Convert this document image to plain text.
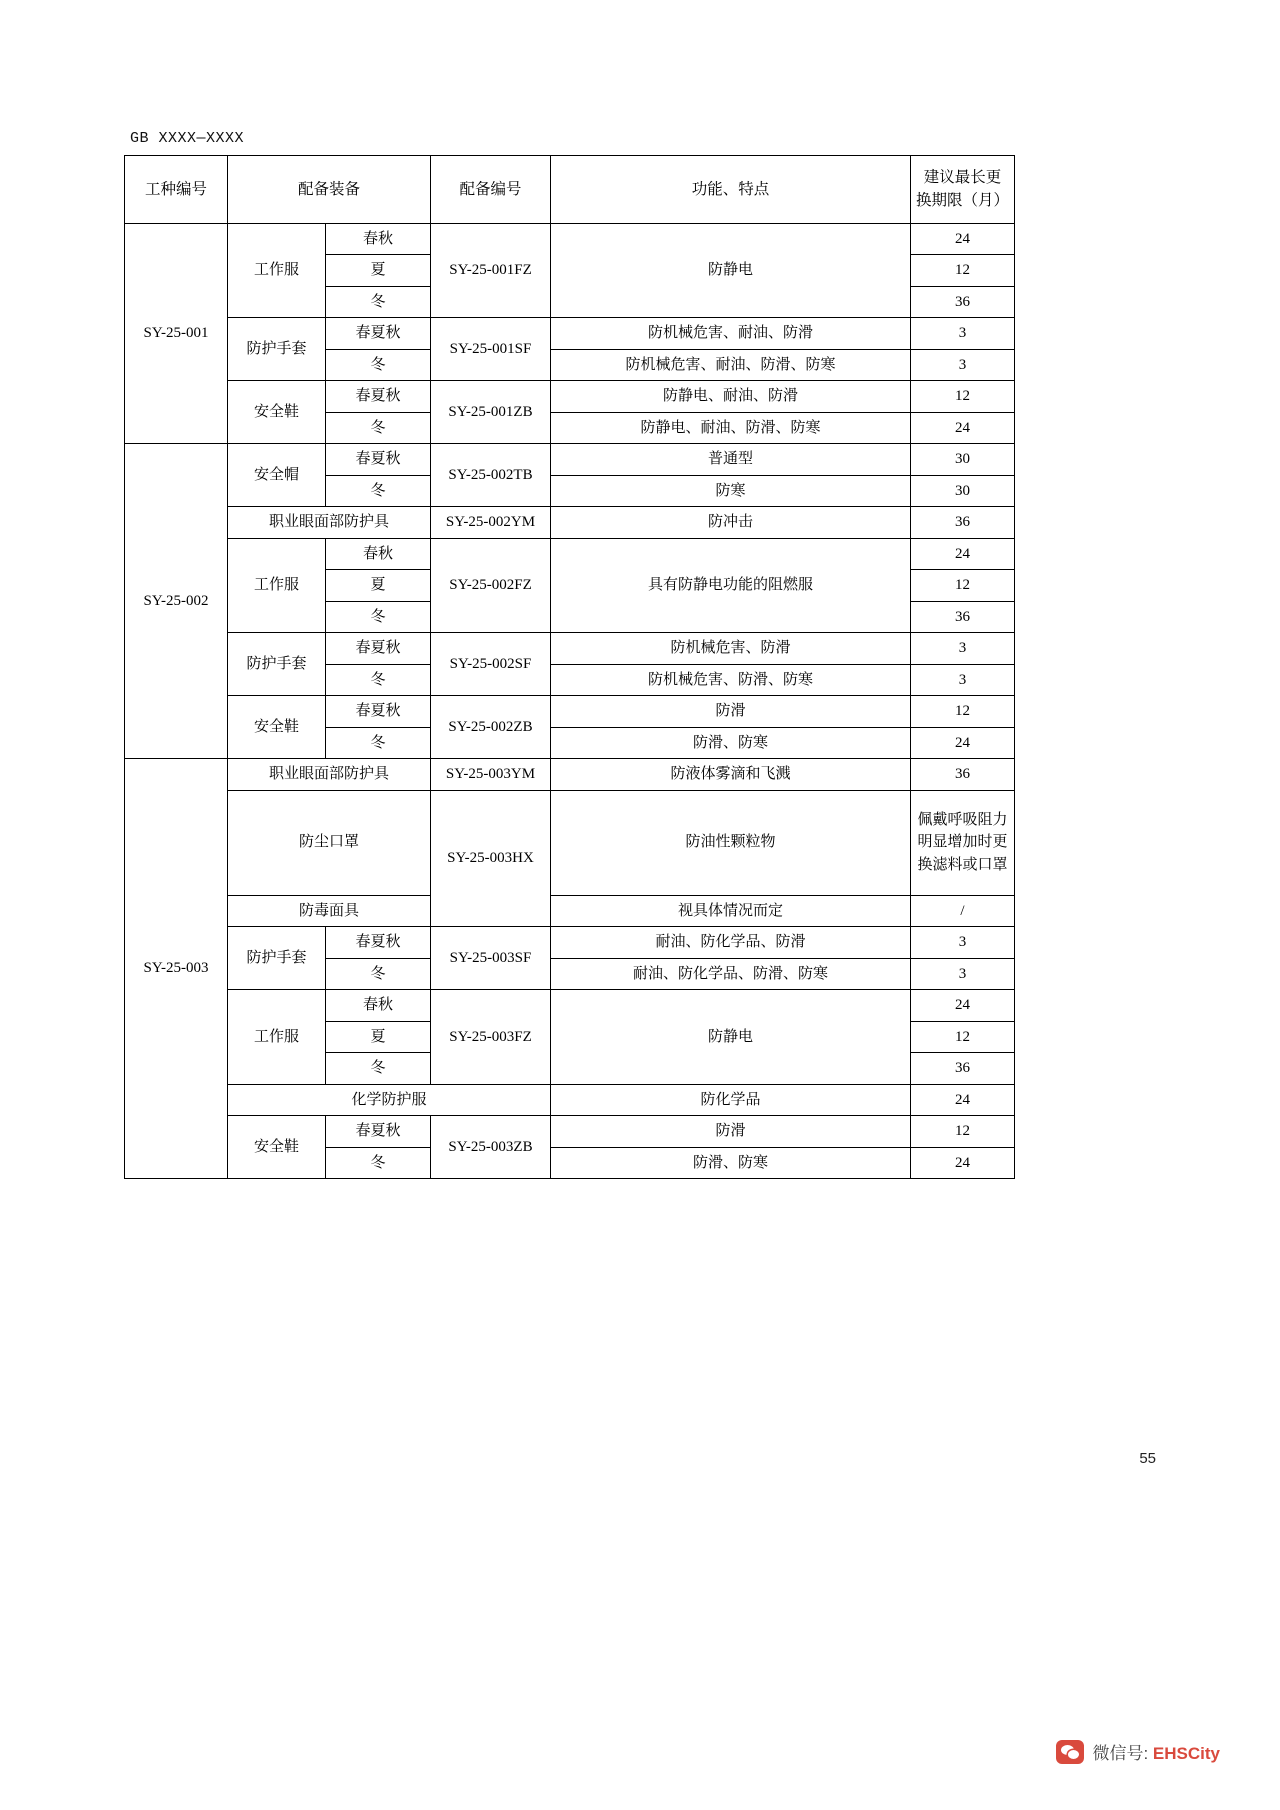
GB XXXX—XXXX
工种编号	配备装备		配备编号	功能、特点	建议最长更
换期限（月）

SY-25-001	工作服	春秋	SY-25-001FZ	防静电	24
		夏			12
		冬			36
	防护手套	春夏秋	SY-25-001SF	防机械危害、耐油、防滑	3
		冬		防机械危害、耐油、防滑、防寒	3
	安全鞋	春夏秋	SY-25-001ZB	防静电、耐油、防滑	12
		冬		防静电、耐油、防滑、防寒	24
SY-25-002	安全帽	春夏秋	SY-25-002TB	普通型	30
		冬		防寒	30
	职业眼面部防护具		SY-25-002YM	防冲击	36
	工作服	春秋	SY-25-002FZ	具有防静电功能的阻燃服	24
		夏			12
		冬			36
	防护手套	春夏秋	SY-25-002SF	防机械危害、防滑	3
		冬		防机械危害、防滑、防寒	3
	安全鞋	春夏秋	SY-25-002ZB	防滑	12
		冬		防滑、防寒	24
SY-25-003	职业眼面部防护具		SY-25-003YM	防液体雾滴和飞溅	36
	防尘口罩		SY-25-003HX	防油性颗粒物	佩戴呼吸阻力明显增加时更换滤料或口罩
	防毒面具			视具体情况而定	/
	防护手套	春夏秋	SY-25-003SF	耐油、防化学品、防滑	3
		冬		耐油、防化学品、防滑、防寒	3
	工作服	春秋	SY-25-003FZ	防静电	24
		夏			12
		冬			36
	化学防护服			防化学品	24
	安全鞋	春夏秋	SY-25-003ZB	防滑	12
		冬		防滑、防寒	24
55
微信号: EHSCity
